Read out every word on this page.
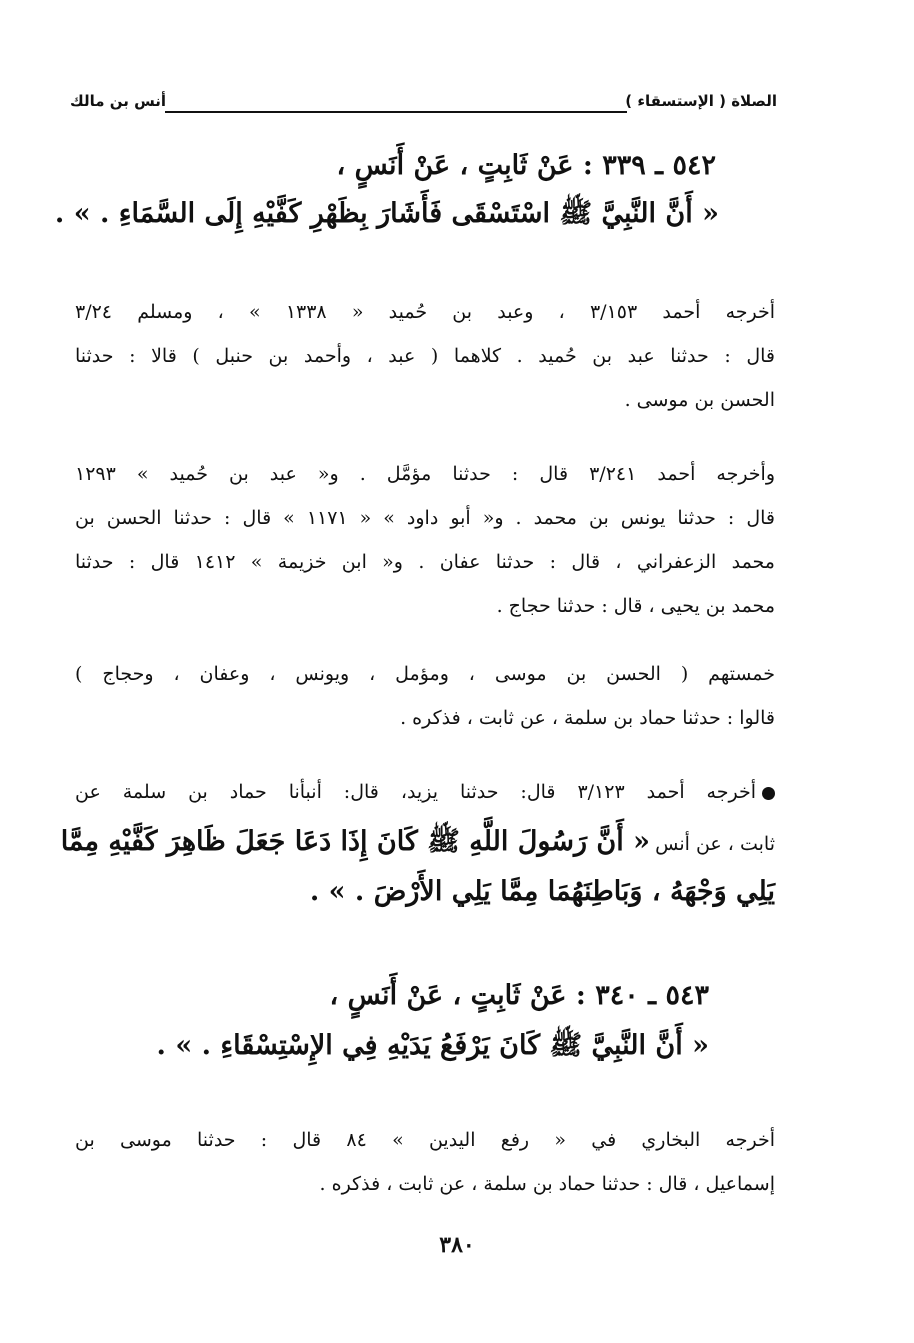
الصلاة ( الإستسقاء )
أنس بن مالك
٥٤٢ ـ ٣٣٩ : عَنْ ثَابِتٍ ، عَنْ أَنَسٍ ،
« أَنَّ النَّبِيَّ ﷺ اسْتَسْقَى فَأَشَارَ بِظَهْرِ كَفَّيْهِ إِلَى السَّمَاءِ . » .
أخرجه أحمد ٣/١٥٣ ، وعبد بن حُميد « ١٣٣٨ » ، ومسلم ٣/٢٤
قال : حدثنا عبد بن حُميد . كلاهما ( عبد ، وأحمد بن حنبل ) قالا : حدثنا
الحسن بن موسى .
وأخرجه أحمد ٣/٢٤١ قال : حدثنا مؤمَّل . و« عبد بن حُميد » ١٢٩٣
قال : حدثنا يونس بن محمد . و« أبو داود » « ١١٧١ » قال : حدثنا الحسن بن
محمد الزعفراني ، قال : حدثنا عفان . و« ابن خزيمة » ١٤١٢ قال : حدثنا
محمد بن يحيى ، قال : حدثنا حجاج .
خمستهم ( الحسن بن موسى ، ومؤمل ، ويونس ، وعفان ، وحجاج )
قالوا : حدثنا حماد بن سلمة ، عن ثابت ، فذكره .
أخرجه أحمد ٣/١٢٣ قال: حدثنا يزيد، قال: أنبأنا حماد بن سلمة عن
ثابت ، عن أنس « أَنَّ رَسُولَ اللَّهِ ﷺ كَانَ إِذَا دَعَا جَعَلَ ظَاهِرَ كَفَّيْهِ مِمَّا
يَلِي وَجْهَهُ ، وَبَاطِنَهُمَا مِمَّا يَلِي الأَرْضَ . » .
٥٤٣ ـ ٣٤٠ : عَنْ ثَابِتٍ ، عَنْ أَنَسٍ ،
« أَنَّ النَّبِيَّ ﷺ كَانَ يَرْفَعُ يَدَيْهِ فِي الإِسْتِسْقَاءِ . » .
أخرجه البخاري في « رفع اليدين » ٨٤ قال : حدثنا موسى بن
إسماعيل ، قال : حدثنا حماد بن سلمة ، عن ثابت ، فذكره .
٣٨٠
